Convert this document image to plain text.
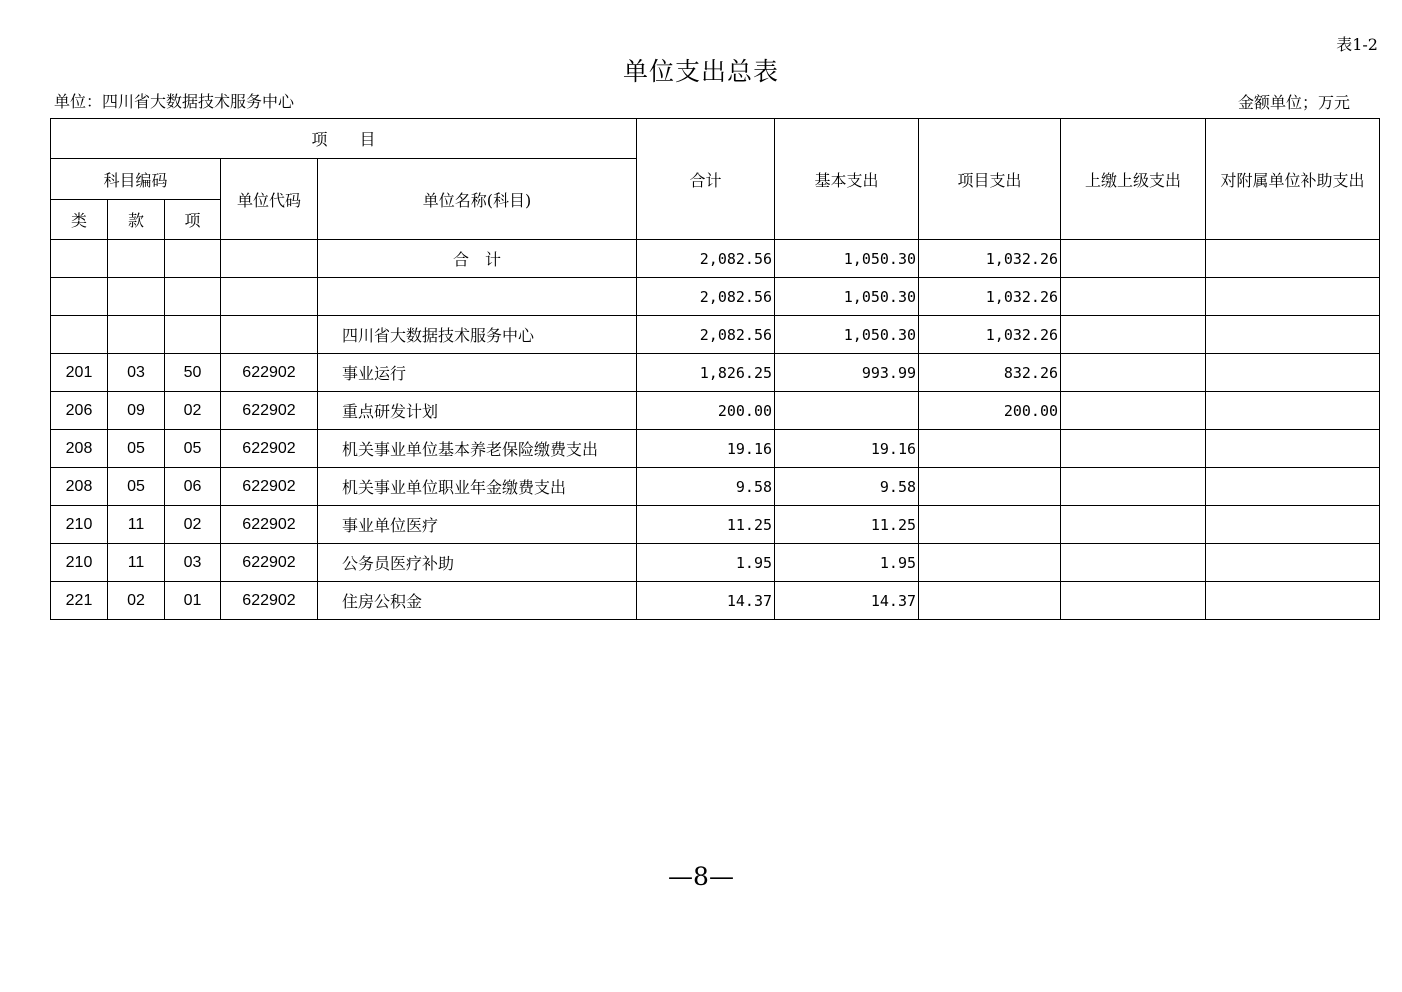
表1-2
单位支出总表
单位：四川省大数据技术服务中心	金额单位；万元
项　　目					合计	基本支出	项目支出	上缴上级支出	对附属单位补助支出
科目编码			单位代码	单位名称(科目)					
类	款	项							
				合　计	2,082.56	1,050.30	1,032.26		
					2,082.56	1,050.30	1,032.26		
				四川省大数据技术服务中心	2,082.56	1,050.30	1,032.26		
201	03	50	622902	事业运行	1,826.25	993.99	832.26		
206	09	02	622902	重点研发计划	200.00		200.00		
208	05	05	622902	机关事业单位基本养老保险缴费支出	19.16	19.16			
208	05	06	622902	机关事业单位职业年金缴费支出	9.58	9.58			
210	11	02	622902	事业单位医疗	11.25	11.25			
210	11	03	622902	公务员医疗补助	1.95	1.95			
221	02	01	622902	住房公积金	14.37	14.37			
—8—
